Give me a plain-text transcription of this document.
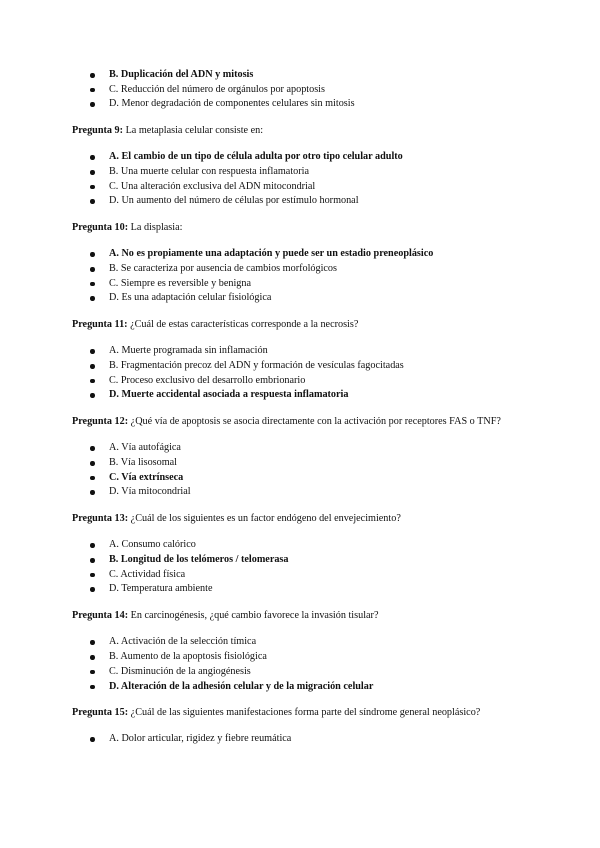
B. Duplicación del ADN y mitosis
C. Reducción del número de orgánulos por apoptosis
D. Menor degradación de componentes celulares sin mitosis

Pregunta 9: La metaplasia celular consiste en:

A. El cambio de un tipo de célula adulta por otro tipo celular adulto
B. Una muerte celular con respuesta inflamatoria
C. Una alteración exclusiva del ADN mitocondrial
D. Un aumento del número de células por estímulo hormonal

Pregunta 10: La displasia:

A. No es propiamente una adaptación y puede ser un estadio preneoplásico
B. Se caracteriza por ausencia de cambios morfológicos
C. Siempre es reversible y benigna
D. Es una adaptación celular fisiológica

Pregunta 11: ¿Cuál de estas características corresponde a la necrosis?

A. Muerte programada sin inflamación
B. Fragmentación precoz del ADN y formación de vesículas fagocitadas
C. Proceso exclusivo del desarrollo embrionario
D. Muerte accidental asociada a respuesta inflamatoria

Pregunta 12: ¿Qué vía de apoptosis se asocia directamente con la activación por receptores FAS o TNF?

A. Vía autofágica
B. Vía lisosomal
C. Vía extrínseca
D. Vía mitocondrial

Pregunta 13: ¿Cuál de los siguientes es un factor endógeno del envejecimiento?

A. Consumo calórico
B. Longitud de los telómeros / telomerasa
C. Actividad física
D. Temperatura ambiente

Pregunta 14: En carcinogénesis, ¿qué cambio favorece la invasión tisular?

A. Activación de la selección tímica
B. Aumento de la apoptosis fisiológica
C. Disminución de la angiogénesis
D. Alteración de la adhesión celular y de la migración celular

Pregunta 15: ¿Cuál de las siguientes manifestaciones forma parte del síndrome general neoplásico?

A. Dolor articular, rigidez y fiebre reumática
